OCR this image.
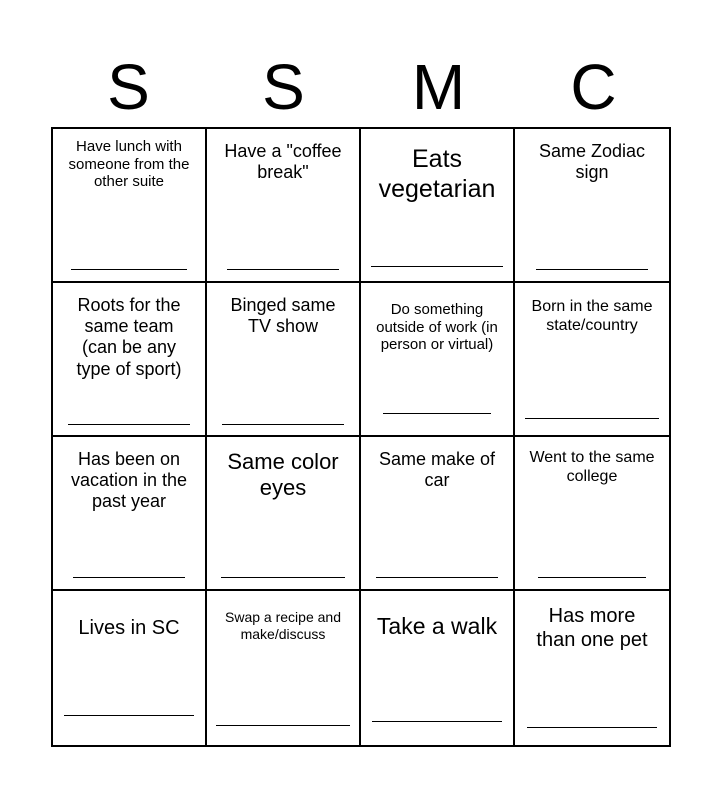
S	S	M	C
Have lunch with
someone from the
other suite
Have a "coffee
break"	Eats
vegetarian
Same Zodiac
sign
Roots for the
same team
(can be any
type of sport)
Binged same
TV show
Do something
outside of work (in
person or virtual)
Born in the same
state/country
Has been on
vacation in the
past year
Same color
eyes
Same make of
car
Went to the same
college
Lives in SC	Swap a recipe and
make/discuss	Take a walk	Has more
than one pet
